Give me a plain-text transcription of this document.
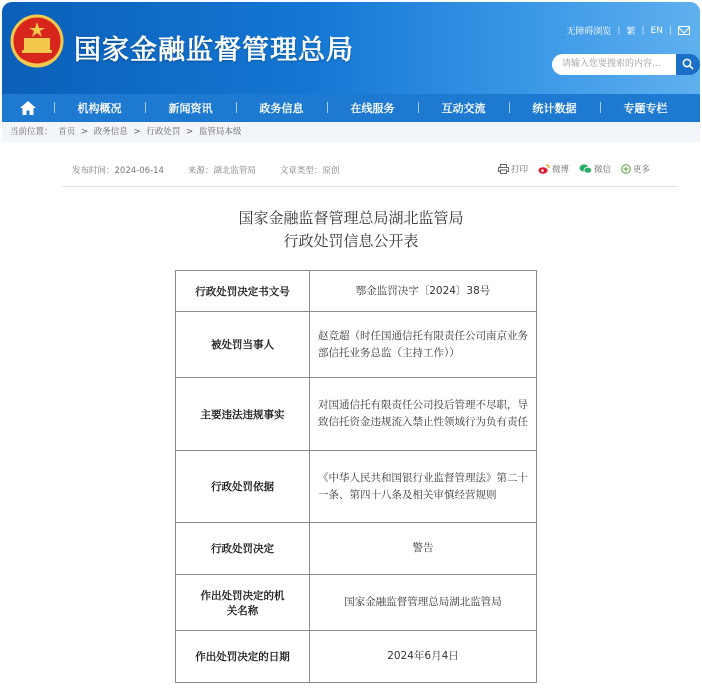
国家金融监督管理总局
无障碍浏览 | 繁 | EN |
请输入您要搜索的内容...
机构概况	新闻资讯	政务信息	在线服务	互动交流	统计数据	专题专栏
当前位置： 首页 > 政务信息 > 行政处罚 > 监管局本级
发布时间：2024-06-14	来源：湖北监管局	文章类型：原创	打印	微博	微信	更多
国家金融监督管理总局湖北监管局
行政处罚信息公开表
行政处罚决定书文号	鄂金监罚决字〔2024〕38号
被处罚当事人	赵竞超（时任国通信托有限责任公司南京业务部信托业务总监（主持工作））
主要违法违规事实	对国通信托有限责任公司投后管理不尽职，导致信托资金违规流入禁止性领域行为负有责任
行政处罚依据	《中华人民共和国银行业监督管理法》第二十一条、第四十八条及相关审慎经营规则
行政处罚决定	警告
作出处罚决定的机关名称	国家金融监督管理总局湖北监管局
作出处罚决定的日期	2024年6月4日
